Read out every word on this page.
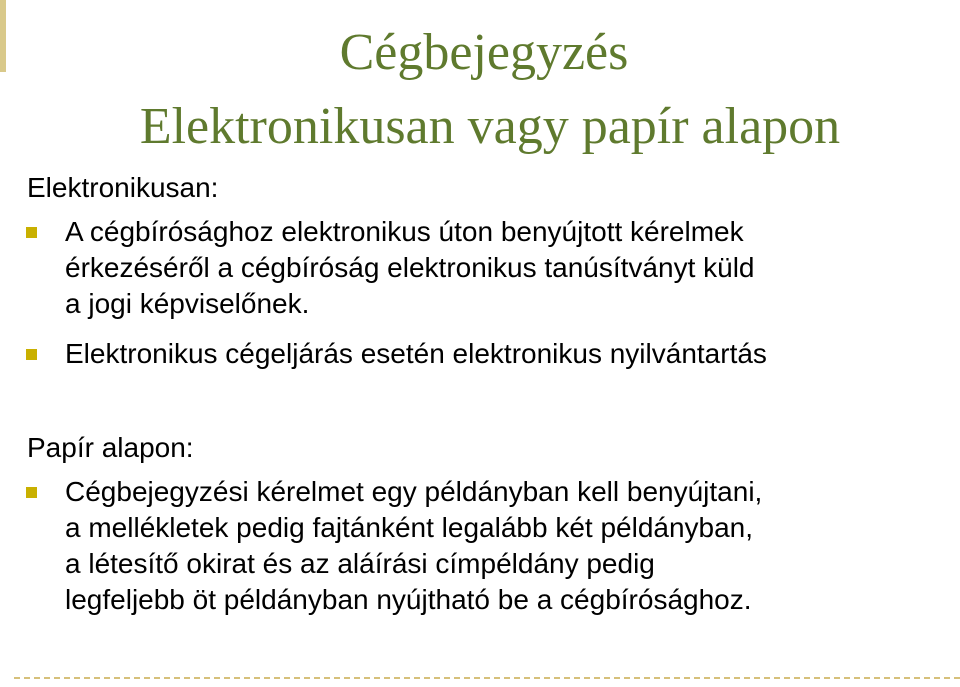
Cégbejegyzés
Elektronikusan vagy papír alapon
Elektronikusan:
A cégbírósághoz elektronikus úton benyújtott kérelmek
érkezéséről a cégbíróság elektronikus tanúsítványt küld
a jogi képviselőnek.
Elektronikus cégeljárás esetén elektronikus nyilvántartás
Papír alapon:
Cégbejegyzési kérelmet egy példányban kell benyújtani,
a mellékletek pedig fajtánként legalább két példányban,
a létesítő okirat és az aláírási címpéldány pedig
legfeljebb öt példányban nyújtható be a cégbírósághoz.
